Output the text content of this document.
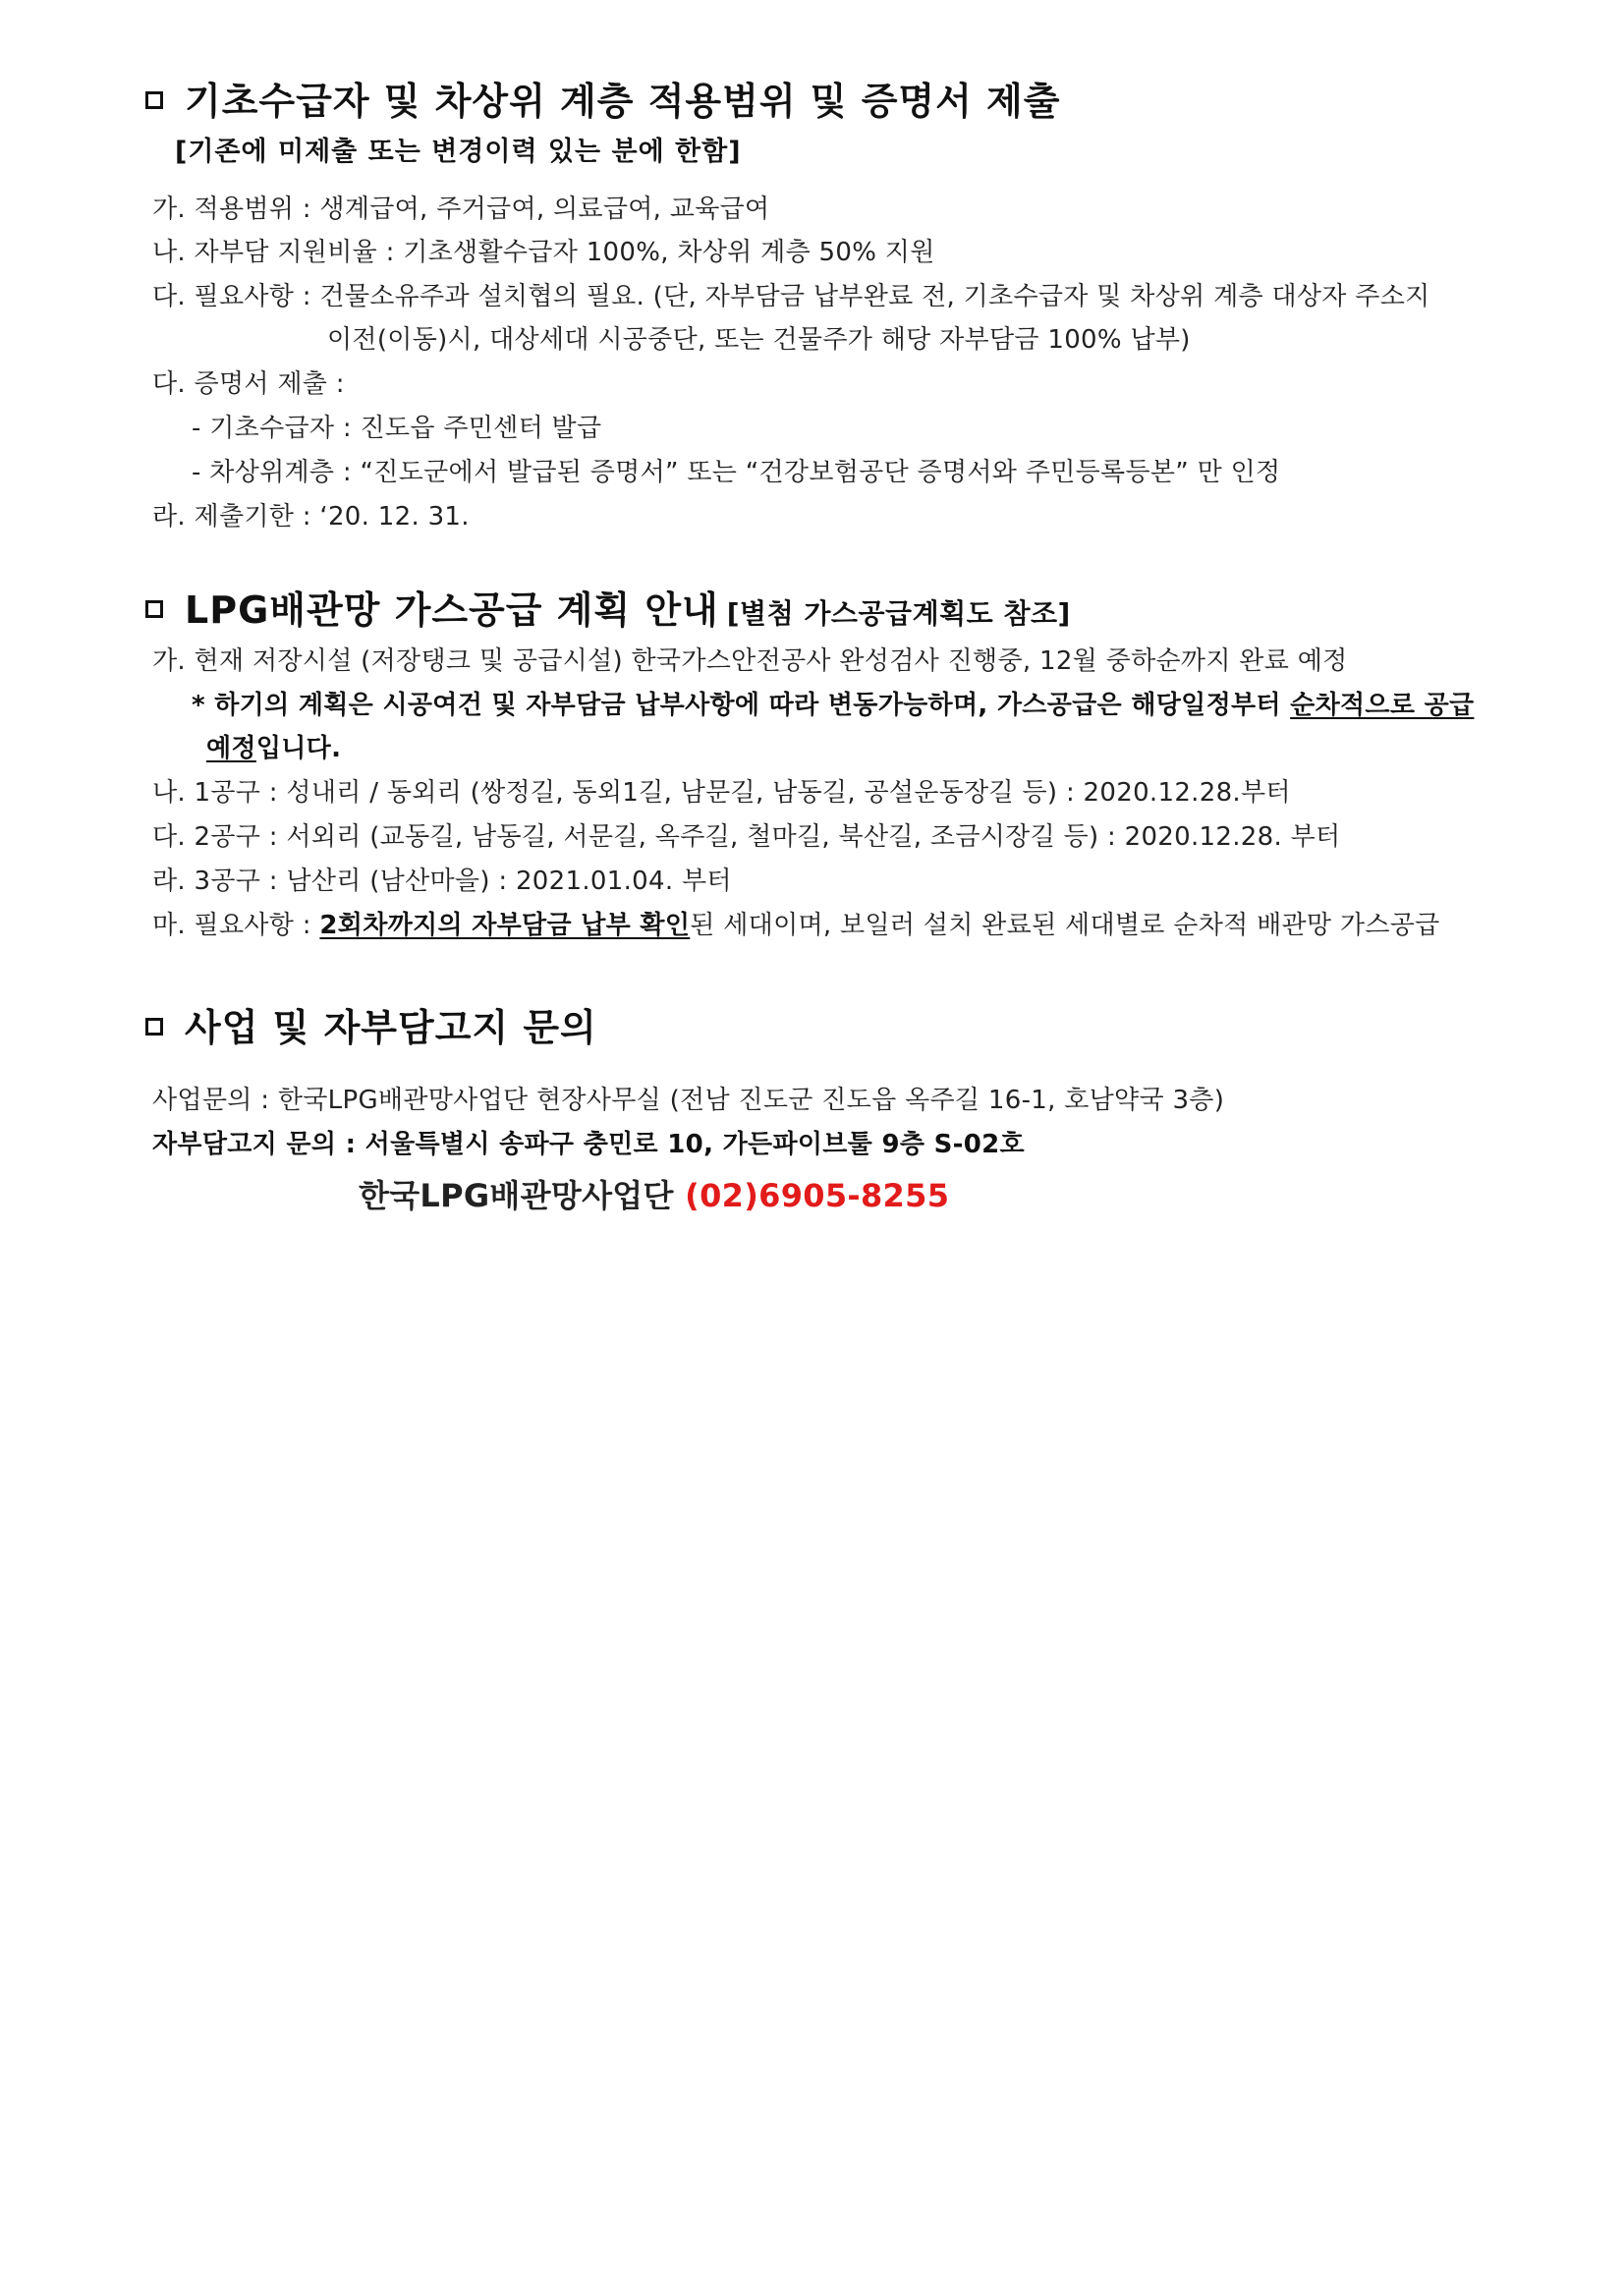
기초수급자 및 차상위 계층 적용범위 및 증명서 제출
[기존에 미제출 또는 변경이력 있는 분에 한함]
가. 적용범위 : 생계급여, 주거급여, 의료급여, 교육급여
나. 자부담 지원비율 : 기초생활수급자 100%, 차상위 계층 50% 지원
다. 필요사항 : 건물소유주과 설치협의 필요. (단, 자부담금 납부완료 전, 기초수급자 및 차상위 계층 대상자 주소지
이전(이동)시, 대상세대 시공중단, 또는 건물주가 해당 자부담금 100% 납부)
다. 증명서 제출 :
- 기초수급자 : 진도읍 주민센터 발급
- 차상위계층 : “진도군에서 발급된 증명서” 또는 “건강보험공단 증명서와 주민등록등본” 만 인정
라. 제출기한 : ‘20. 12. 31.
LPG배관망 가스공급 계획 안내 [별첨 가스공급계획도 참조]
가. 현재 저장시설 (저장탱크 및 공급시설) 한국가스안전공사 완성검사 진행중, 12월 중하순까지 완료 예정
* 하기의 계획은 시공여건 및 자부담금 납부사항에 따라 변동가능하며, 가스공급은 해당일정부터 순차적으로 공급
예정입니다.
나. 1공구 : 성내리 / 동외리 (쌍정길, 동외1길, 남문길, 남동길, 공설운동장길 등) : 2020.12.28.부터
다. 2공구 : 서외리 (교동길, 남동길, 서문길, 옥주길, 철마길, 북산길, 조금시장길 등) : 2020.12.28. 부터
라. 3공구 : 남산리 (남산마을) : 2021.01.04. 부터
마. 필요사항 : 2회차까지의 자부담금 납부 확인된 세대이며, 보일러 설치 완료된 세대별로 순차적 배관망 가스공급
사업 및 자부담고지 문의
사업문의 : 한국LPG배관망사업단 현장사무실 (전남 진도군 진도읍 옥주길 16-1, 호남약국 3층)
자부담고지 문의 : 서울특별시 송파구 충민로 10, 가든파이브툴 9층 S-02호
한국LPG배관망사업단 (02)6905-8255
